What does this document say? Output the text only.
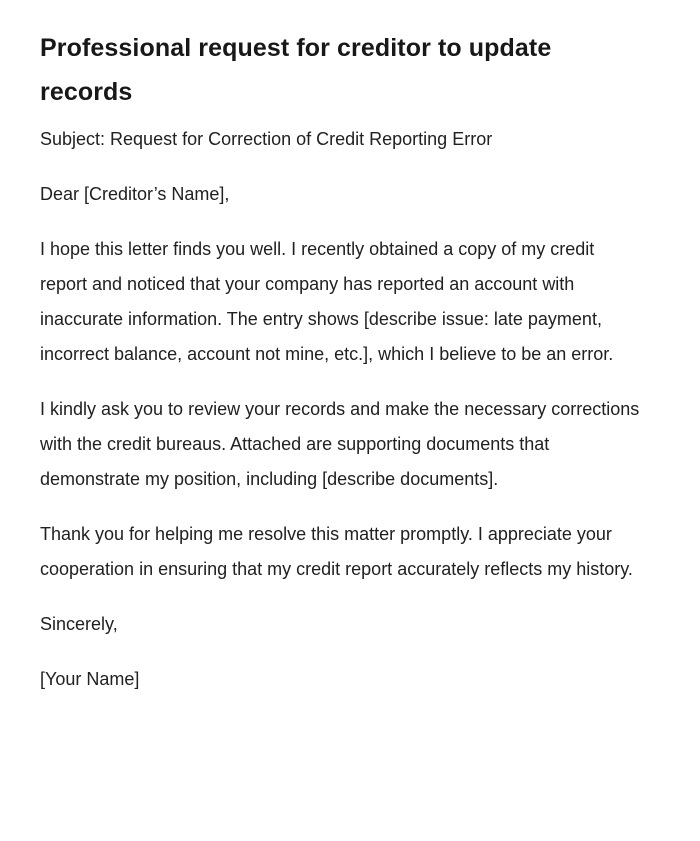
Professional request for creditor to update records

Subject: Request for Correction of Credit Reporting Error

Dear [Creditor’s Name],

I hope this letter finds you well. I recently obtained a copy of my credit report and noticed that your company has reported an account with inaccurate information. The entry shows [describe issue: late payment, incorrect balance, account not mine, etc.], which I believe to be an error.

I kindly ask you to review your records and make the necessary corrections with the credit bureaus. Attached are supporting documents that demonstrate my position, including [describe documents].

Thank you for helping me resolve this matter promptly. I appreciate your cooperation in ensuring that my credit report accurately reflects my history.

Sincerely,

[Your Name]
